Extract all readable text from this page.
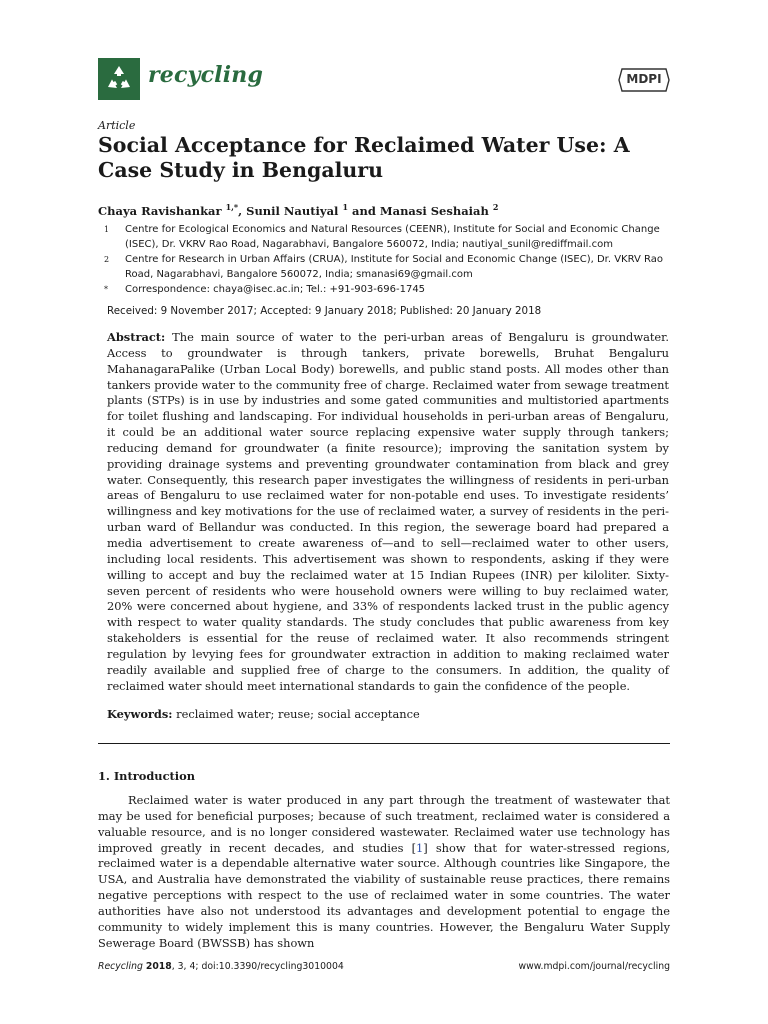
recycling	MDPI
Article
Social Acceptance for Reclaimed Water Use: A Case Study in Bengaluru
Chaya Ravishankar $^{1,*}$, Sunil Nautiyal $^1$ and Manasi Seshaiah $^2$
1 Centre for Ecological Economics and Natural Resources (CEENR), Institute for Social and Economic Change (ISEC), Dr. VKRV Rao Road, Nagarabhavi, Bangalore 560072, India; nautiyal_sunil@rediffmail.com
2 Centre for Research in Urban Affairs (CRUA), Institute for Social and Economic Change (ISEC), Dr. VKRV Rao Road, Nagarabhavi, Bangalore 560072, India; smanasi69@gmail.com
* Correspondence: chaya@isec.ac.in; Tel.: +91-903-696-1745
Received: 9 November 2017; Accepted: 9 January 2018; Published: 20 January 2018
Abstract: The main source of water to the peri-urban areas of Bengaluru is groundwater. Access to groundwater is through tankers, private borewells, Bruhat Bengaluru MahanagaraPalike (Urban Local Body) borewells, and public stand posts. All modes other than tankers provide water to the community free of charge. Reclaimed water from sewage treatment plants (STPs) is in use by industries and some gated communities and multistoried apartments for toilet flushing and landscaping. For individual households in peri-urban areas of Bengaluru, it could be an additional water source replacing expensive water supply through tankers; reducing demand for groundwater (a finite resource); improving the sanitation system by providing drainage systems and preventing groundwater contamination from black and grey water. Consequently, this research paper investigates the willingness of residents in peri-urban areas of Bengaluru to use reclaimed water for non-potable end uses. To investigate residents’ willingness and key motivations for the use of reclaimed water, a survey of residents in the peri-urban ward of Bellandur was conducted. In this region, the sewerage board had prepared a media advertisement to create awareness of—and to sell—reclaimed water to other users, including local residents. This advertisement was shown to respondents, asking if they were willing to accept and buy the reclaimed water at 15 Indian Rupees (INR) per kiloliter. Sixty-seven percent of residents who were household owners were willing to buy reclaimed water, 20% were concerned about hygiene, and 33% of respondents lacked trust in the public agency with respect to water quality standards. The study concludes that public awareness from key stakeholders is essential for the reuse of reclaimed water. It also recommends stringent regulation by levying fees for groundwater extraction in addition to making reclaimed water readily available and supplied free of charge to the consumers. In addition, the quality of reclaimed water should meet international standards to gain the confidence of the people.
Keywords: reclaimed water; reuse; social acceptance
1. Introduction
Reclaimed water is water produced in any part through the treatment of wastewater that may be used for beneficial purposes; because of such treatment, reclaimed water is considered a valuable resource, and is no longer considered wastewater. Reclaimed water use technology has improved greatly in recent decades, and studies [1] show that for water-stressed regions, reclaimed water is a dependable alternative water source. Although countries like Singapore, the USA, and Australia have demonstrated the viability of sustainable reuse practices, there remains negative perceptions with respect to the use of reclaimed water in some countries. The water authorities have also not understood its advantages and development potential to engage the community to widely implement this is many countries. However, the Bengaluru Water Supply Sewerage Board (BWSSB) has shown
Recycling 2018, 3, 4; doi:10.3390/recycling3010004	www.mdpi.com/journal/recycling
